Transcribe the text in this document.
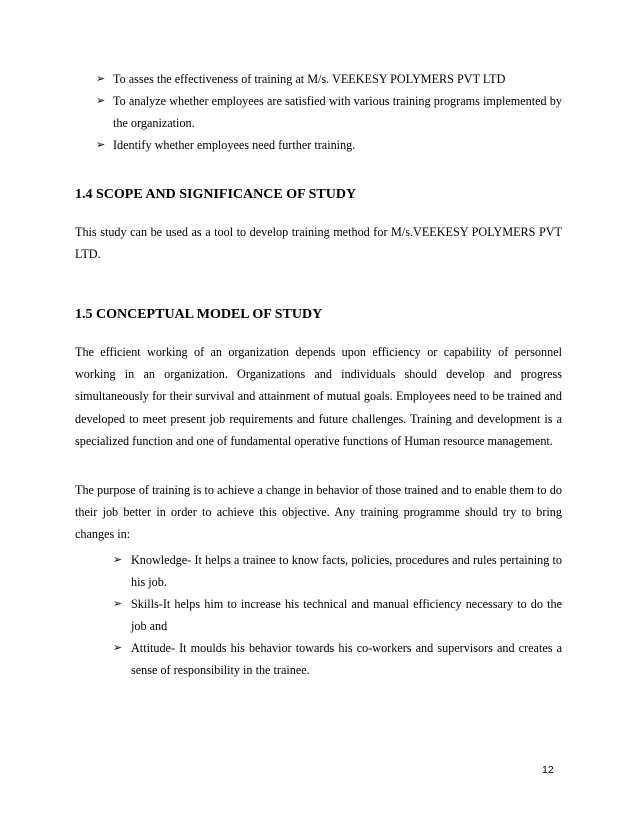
➢ To asses the effectiveness of training at M/s. VEEKESY POLYMERS PVT LTD
➢ To analyze whether employees are satisfied with various training programs implemented by the organization.
➢ Identify whether employees need further training.
1.4 SCOPE AND SIGNIFICANCE OF STUDY

This study can be used as a tool to develop training method for M/s.VEEKESY POLYMERS PVT LTD.

1.5 CONCEPTUAL MODEL OF STUDY

The efficient working of an organization depends upon efficiency or capability of personnel working in an organization. Organizations and individuals should develop and progress simultaneously for their survival and attainment of mutual goals. Employees need to be trained and developed to meet present job requirements and future challenges. Training and development is a specialized function and one of fundamental operative functions of Human resource management.

The purpose of training is to achieve a change in behavior of those trained and to enable them to do their job better in order to achieve this objective. Any training programme should try to bring changes in:

➢ Knowledge- It helps a trainee to know facts, policies, procedures and rules pertaining to his job.
➢ Skills-It helps him to increase his technical and manual efficiency necessary to do the job and
➢ Attitude- It moulds his behavior towards his co-workers and supervisors and creates a sense of responsibility in the trainee.
12
